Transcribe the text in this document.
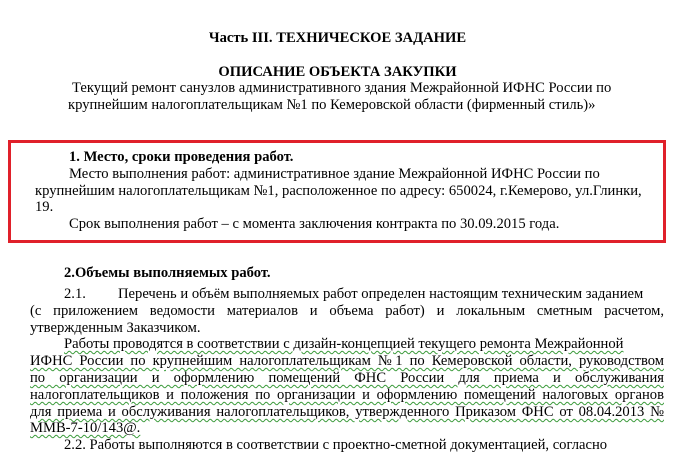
Часть III. ТЕХНИЧЕСКОЕ ЗАДАНИЕ
ОПИСАНИЕ ОБЪЕКТА ЗАКУПКИ
Текущий ремонт санузлов административного здания Межрайонной ИФНС России по
крупнейшим налогоплательщикам №1 по Кемеровской области (фирменный стиль)»
1. Место, сроки проведения работ.
Место выполнения работ: административное здание Межрайонной ИФНС России по
крупнейшим налогоплательщикам №1, расположенное по адресу: 650024, г.Кемерово, ул.Глинки,
19.
Срок выполнения работ – с момента заключения контракта по 30.09.2015 года.
2.Объемы выполняемых работ.
2.1. Перечень и объём выполняемых работ определен настоящим техническим заданием
(с приложением ведомости материалов и объема работ) и локальным сметным расчетом,
утвержденным Заказчиком.
Работы проводятся в соответствии с дизайн-концепцией текущего ремонта Межрайонной
ИФНС России по крупнейшим налогоплательщикам №1 по Кемеровской области, руководством
по организации и оформлению помещений ФНС России для приема и обслуживания
налогоплательщиков и положения по организации и оформлению помещений налоговых органов
для приема и обслуживания налогоплательщиков, утвержденного Приказом ФНС от 08.04.2013 №
ММВ-7-10/143@.
2.2. Работы выполняются в соответствии с проектно-сметной документацией, согласно
